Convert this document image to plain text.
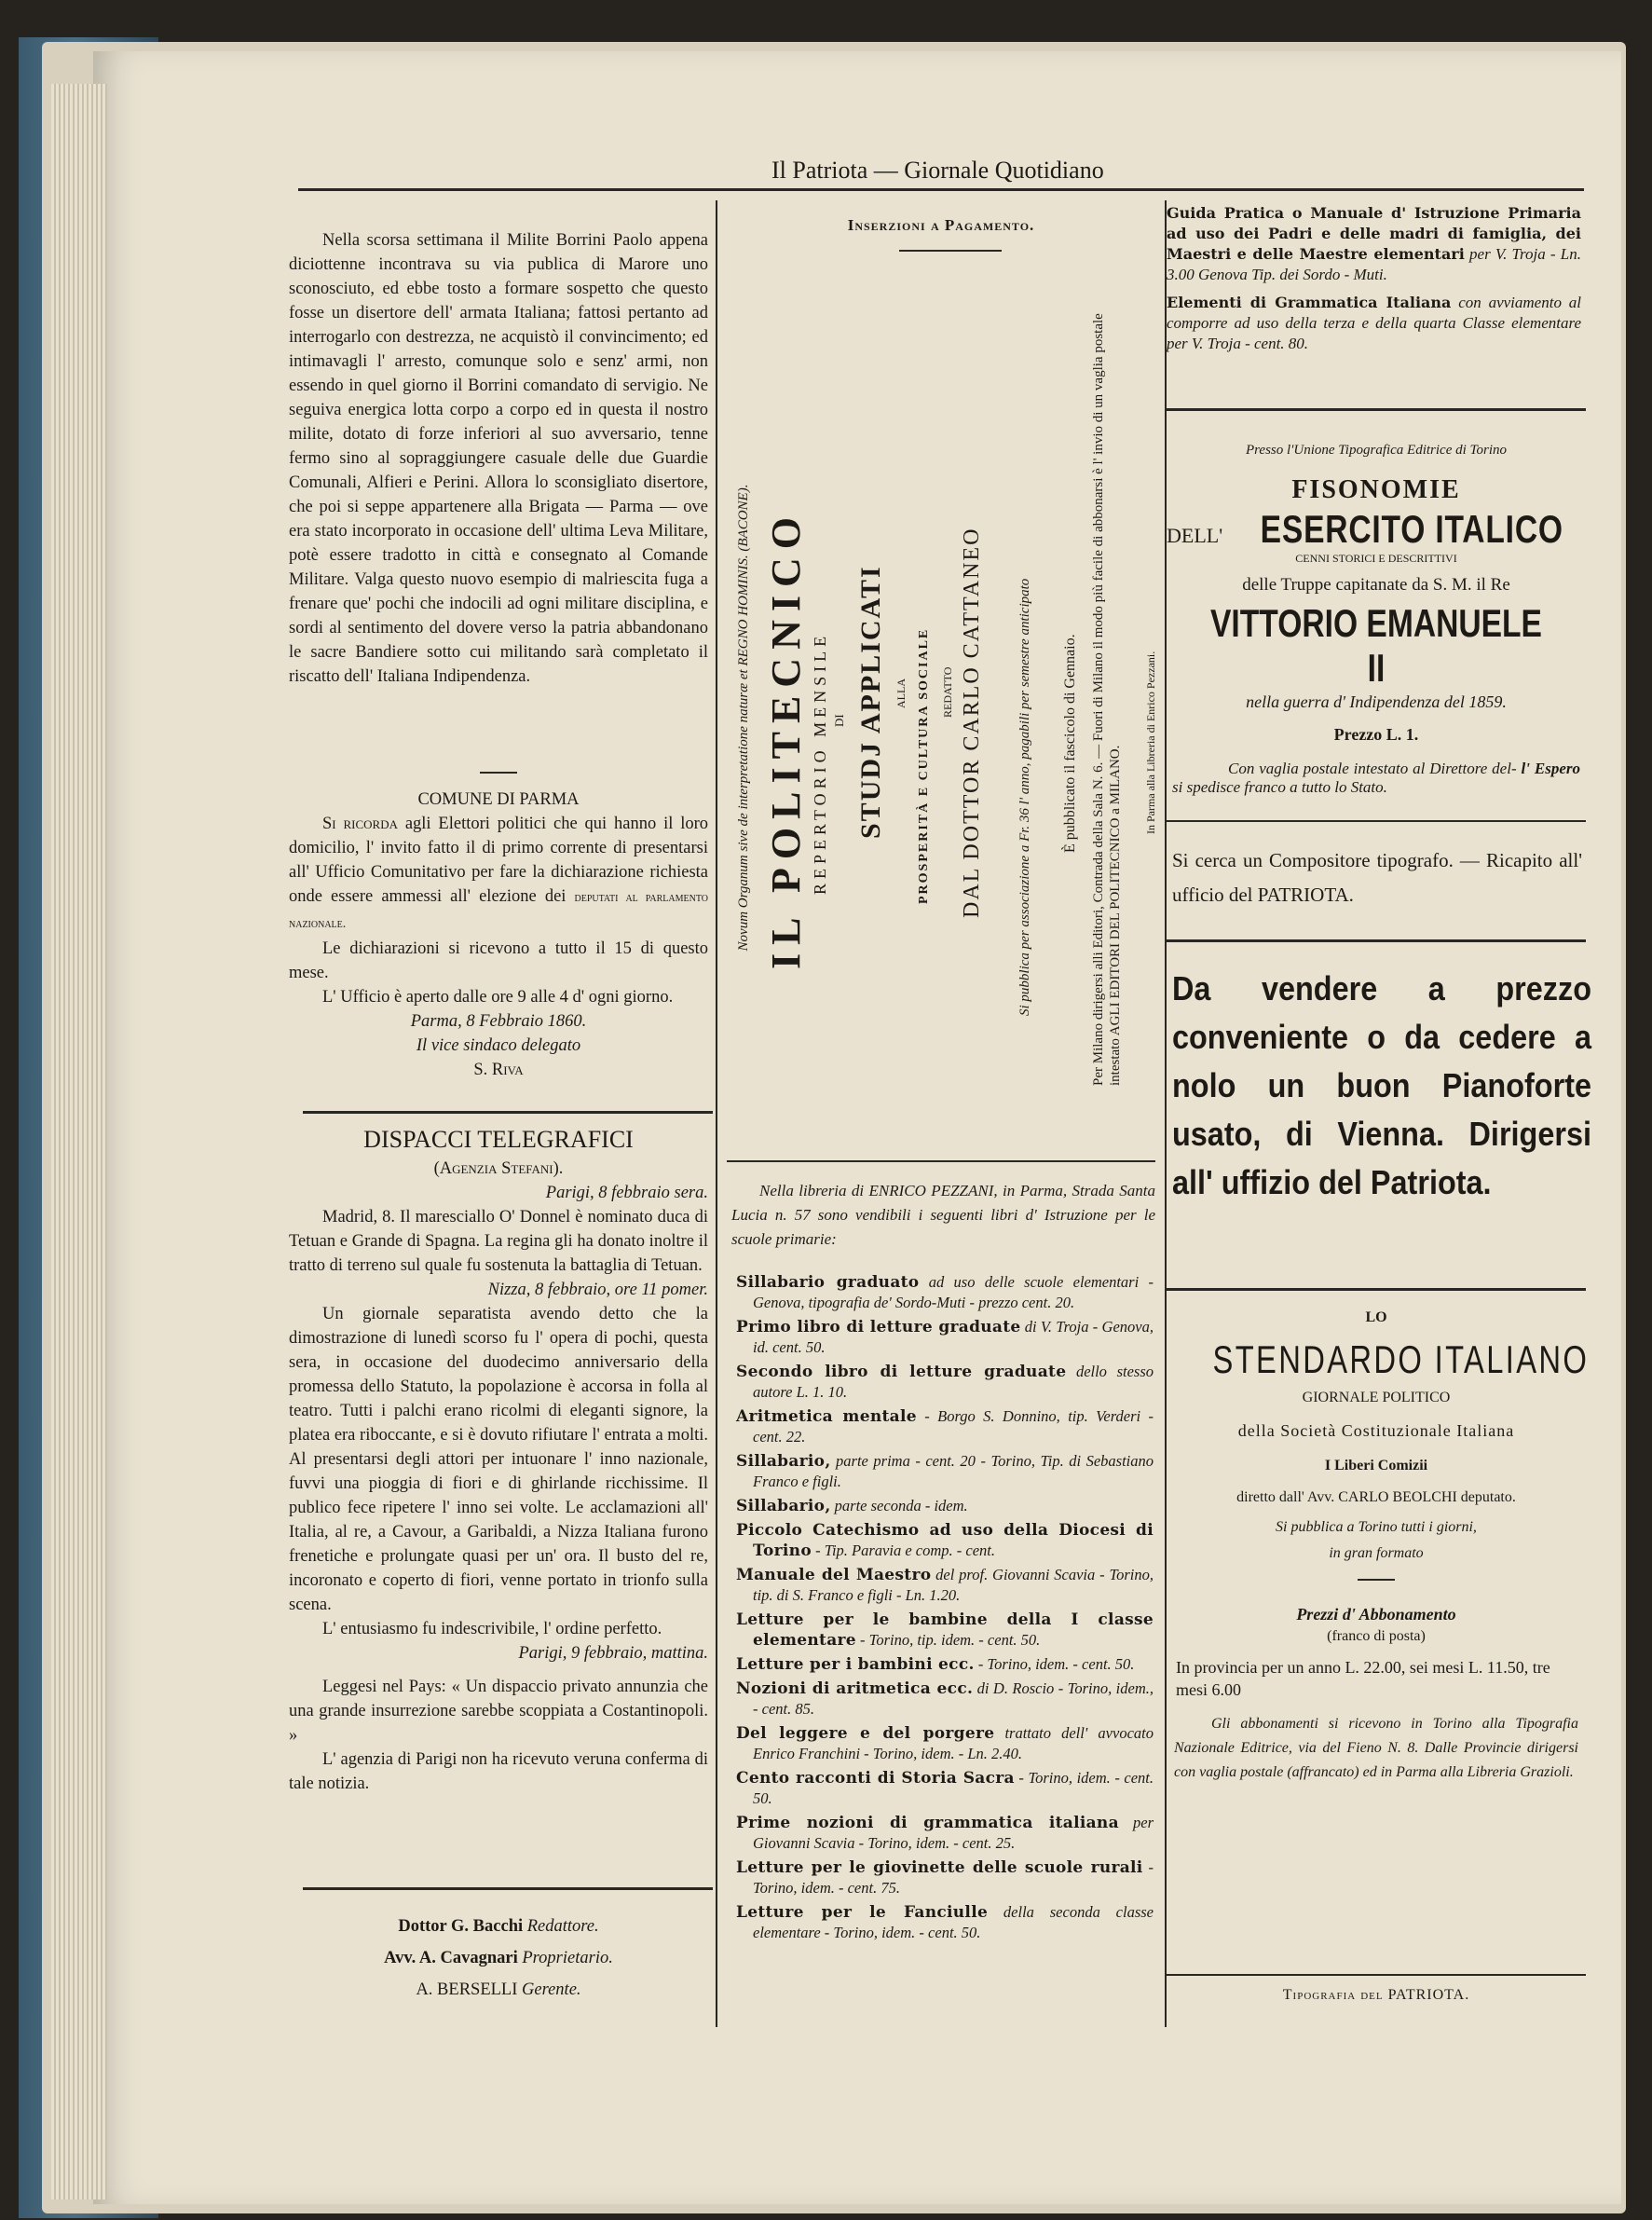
Il Patriota — Giornale Quotidiano

Nella scorsa settimana il Milite Borrini Paolo appena diciottenne incontrava su via publica di Marore uno sconosciuto, ed ebbe tosto a formare sospetto che questo fosse un disertore dell' armata Italiana; fattosi pertanto ad interrogarlo con destrezza, ne acquistò il convincimento; ed intimavagli l' arresto, comunque solo e senz' armi, non essendo in quel giorno il Borrini comandato di servigio. Ne seguiva energica lotta corpo a corpo ed in questa il nostro milite, dotato di forze inferiori al suo avversario, tenne fermo sino al sopraggiungere casuale delle due Guardie Comunali, Alfieri e Perini. Allora lo sconsigliato disertore, che poi si seppe appartenere alla Brigata — Parma — ove era stato incorporato in occasione dell' ultima Leva Militare, potè essere tradotto in città e consegnato al Comande Militare. Valga questo nuovo esempio di malriescita fuga a frenare que' pochi che indocili ad ogni militare disciplina, e sordi al sentimento del dovere verso la patria abbandonano le sacre Bandiere sotto cui militando sarà completato il riscatto dell' Italiana Indipendenza.

COMUNE DI PARMA

Si ricorda agli Elettori politici che qui hanno il loro domicilio, l' invito fatto il di primo corrente di presentarsi all' Ufficio Comunitativo per fare la dichiarazione richiesta onde essere ammessi all' elezione dei deputati al parlamento nazionale.

Le dichiarazioni si ricevono a tutto il 15 di questo mese.

L' Ufficio è aperto dalle ore 9 alle 4 d' ogni giorno.

Parma, 8 Febbraio 1860.

Il vice sindaco delegato

S. Riva

DISPACCI TELEGRAFICI

(Agenzia Stefani).

Parigi, 8 febbraio sera.

Madrid, 8. Il maresciallo O' Donnel è nominato duca di Tetuan e Grande di Spagna. La regina gli ha donato inoltre il tratto di terreno sul quale fu sostenuta la battaglia di Tetuan.

Nizza, 8 febbraio, ore 11 pomer.

Un giornale separatista avendo detto che la dimostrazione di lunedì scorso fu l' opera di pochi, questa sera, in occasione del duodecimo anniversario della promessa dello Statuto, la popolazione è accorsa in folla al teatro. Tutti i palchi erano ricolmi di eleganti signore, la platea era riboccante, e si è dovuto rifiutare l' entrata a molti. Al presentarsi degli attori per intuonare l' inno nazionale, fuvvi una pioggia di fiori e di ghirlande ricchissime. Il publico fece ripetere l' inno sei volte. Le acclamazioni all' Italia, al re, a Cavour, a Garibaldi, a Nizza Italiana furono frenetiche e prolungate quasi per un' ora. Il busto del re, incoronato e coperto di fiori, venne portato in trionfo sulla scena.

L' entusiasmo fu indescrivibile, l' ordine perfetto.

Parigi, 9 febbraio, mattina.

Leggesi nel Pays: « Un dispaccio privato annunzia che una grande insurrezione sarebbe scoppiata a Costantinopoli. »

L' agenzia di Parigi non ha ricevuto veruna conferma di tale notizia.

Dottor G. Bacchi Redattore.

Avv. A. Cavagnari Proprietario.

A. BERSELLI Gerente.

Inserzioni a Pagamento.
Novum Organum sive de interpretatione naturæ et REGNO HOMINIS. (BACONE). IL POLITECNICO REPERTORIO MENSILE DI STUDJ APPLICATI ALLA PROSPERITÀ E CULTURA SOCIALE REDATTO DAL DOTTOR CARLO CATTANEO Si pubblica per associazione a Fr. 36 l' anno, pagabili per semestre anticipato È pubblicato il fascicolo di Gennaio. Per Milano dirigersi alli Editori, Contrada della Sala N. 6. — Fuori di Milano il modo più facile di abbonarsi è l' invio di un vaglia postale intestato AGLI EDITORI DEL POLITECNICO a MILANO.
In Parma alla Libreria di Enrico Pezzani.

Nella libreria di ENRICO PEZZANI, in Parma, Strada Santa Lucia n. 57 sono vendibili i seguenti libri d' Istruzione per le scuole primarie:

Sillabario graduato ad uso delle scuole elementari - Genova, tipografia de' Sordo-Muti - prezzo cent. 20.

Primo libro di letture graduate di V. Troja - Genova, id. cent. 50.

Secondo libro di letture graduate dello stesso autore L. 1. 10.

Aritmetica mentale - Borgo S. Donnino, tip. Verderi - cent. 22.

Sillabario, parte prima - cent. 20 - Torino, Tip. di Sebastiano Franco e figli.

Sillabario, parte seconda - idem.

Piccolo Catechismo ad uso della Diocesi di Torino - Tip. Paravia e comp. - cent.

Manuale del Maestro del prof. Giovanni Scavia - Torino, tip. di S. Franco e figli - Ln. 1.20.

Letture per le bambine della I classe elementare - Torino, tip. idem. - cent. 50.

Letture per i bambini ecc. - Torino, idem. - cent. 50.

Nozioni di aritmetica ecc. di D. Roscio - Torino, idem., - cent. 85.

Del leggere e del porgere trattato dell' avvocato Enrico Franchini - Torino, idem. - Ln. 2.40.

Cento racconti di Storia Sacra - Torino, idem. - cent. 50.

Prime nozioni di grammatica italiana per Giovanni Scavia - Torino, idem. - cent. 25.

Letture per le giovinette delle scuole rurali - Torino, idem. - cent. 75.

Letture per le Fanciulle della seconda classe elementare - Torino, idem. - cent. 50.

Guida Pratica o Manuale d' Istruzione Primaria ad uso dei Padri e delle madri di famiglia, dei Maestri e delle Maestre elementari per V. Troja - Ln. 3.00 Genova Tip. dei Sordo - Muti.

Elementi di Grammatica Italiana con avviamento al comporre ad uso della terza e della quarta Classe elementare per V. Troja - cent. 80.

Presso l'Unione Tipografica Editrice di Torino
FISONOMIE
DELL' ESERCITO ITALICO
CENNI STORICI E DESCRITTIVI
delle Truppe capitanate da S. M. il Re
VITTORIO EMANUELE II
nella guerra d' Indipendenza del 1859.
Prezzo L. 1.
Con vaglia postale intestato al Direttore del- l' Espero si spedisce franco a tutto lo Stato.
Si cerca un Compositore tipografo. — Ricapito all' ufficio del PATRIOTA.
Da vendere a prezzo conveniente o da cedere a nolo un buon Pianoforte usato, di Vienna. Dirigersi all' uffizio del Patriota.
LO
STENDARDO ITALIANO
GIORNALE POLITICO
della Società Costituzionale Italiana
I Liberi Comizii
diretto dall' Avv. CARLO BEOLCHI deputato.
Si pubblica a Torino tutti i giorni,
in gran formato
Prezzi d' Abbonamento
(franco di posta)
In provincia per un anno L. 22.00, sei mesi L. 11.50, tre mesi 6.00
Gli abbonamenti si ricevono in Torino alla Tipografia Nazionale Editrice, via del Fieno N. 8. Dalle Provincie dirigersi con vaglia postale (affrancato) ed in Parma alla Libreria Grazioli.
Tipografia del PATRIOTA.
